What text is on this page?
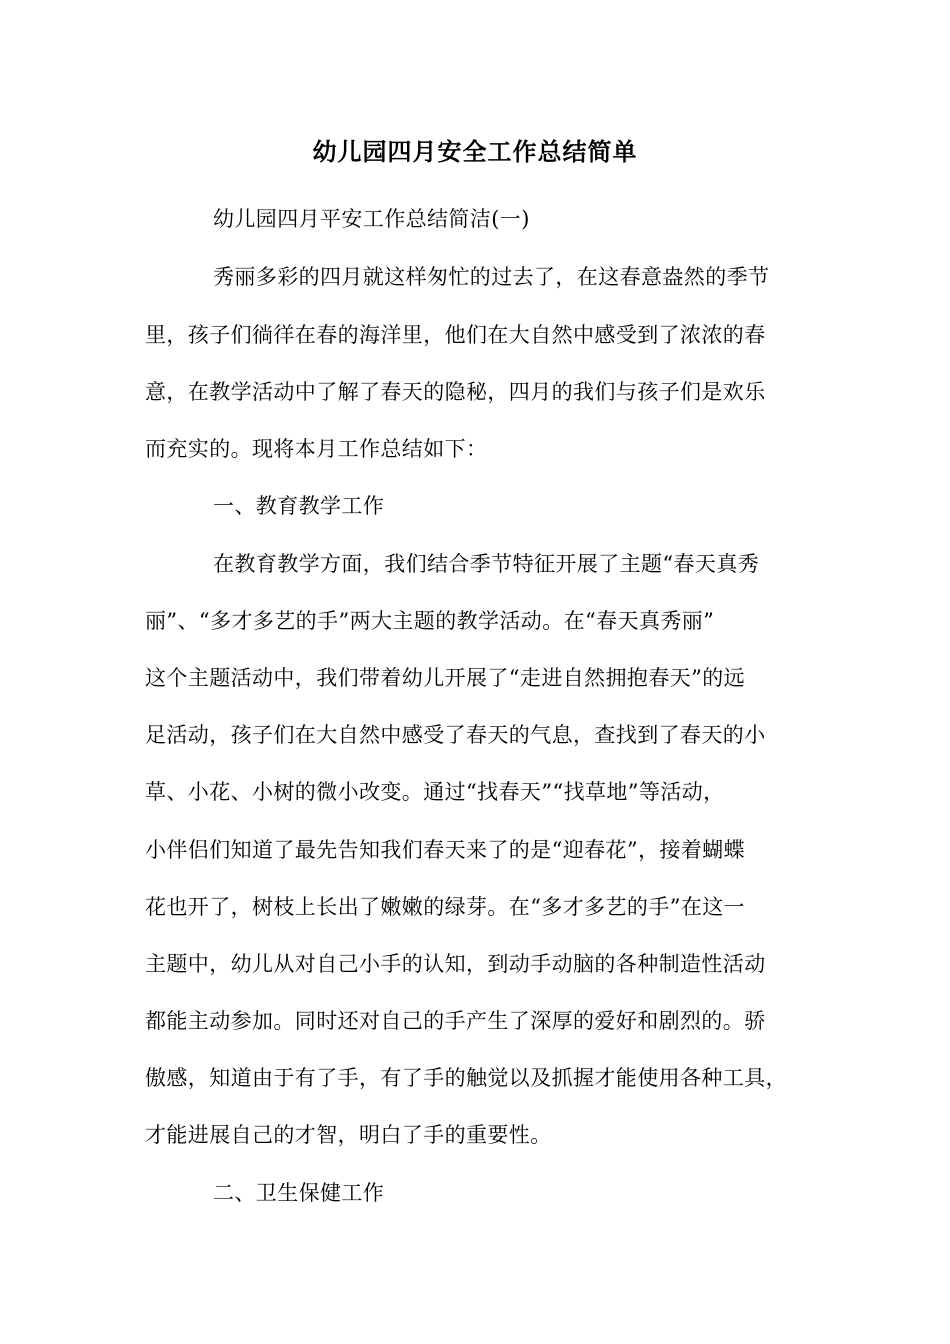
幼儿园四月安全工作总结简单
幼儿园四月平安工作总结简洁(一)
秀丽多彩的四月就这样匆忙的过去了，在这春意盎然的季节
里，孩子们徜徉在春的海洋里，他们在大自然中感受到了浓浓的春
意，在教学活动中了解了春天的隐秘，四月的我们与孩子们是欢乐
而充实的。现将本月工作总结如下：
一、教育教学工作
在教育教学方面，我们结合季节特征开展了主题“春天真秀
丽”、“多才多艺的手”两大主题的教学活动。在“春天真秀丽”
这个主题活动中，我们带着幼儿开展了“走进自然拥抱春天”的远
足活动，孩子们在大自然中感受了春天的气息，查找到了春天的小
草、小花、小树的微小改变。通过“找春天”“找草地”等活动，
小伴侣们知道了最先告知我们春天来了的是“迎春花”，接着蝴蝶
花也开了，树枝上长出了嫩嫩的绿芽。在“多才多艺的手”在这一
主题中，幼儿从对自己小手的认知，到动手动脑的各种制造性活动
都能主动参加。同时还对自己的手产生了深厚的爱好和剧烈的。骄
傲感，知道由于有了手，有了手的触觉以及抓握才能使用各种工具，
才能进展自己的才智，明白了手的重要性。
二、卫生保健工作
